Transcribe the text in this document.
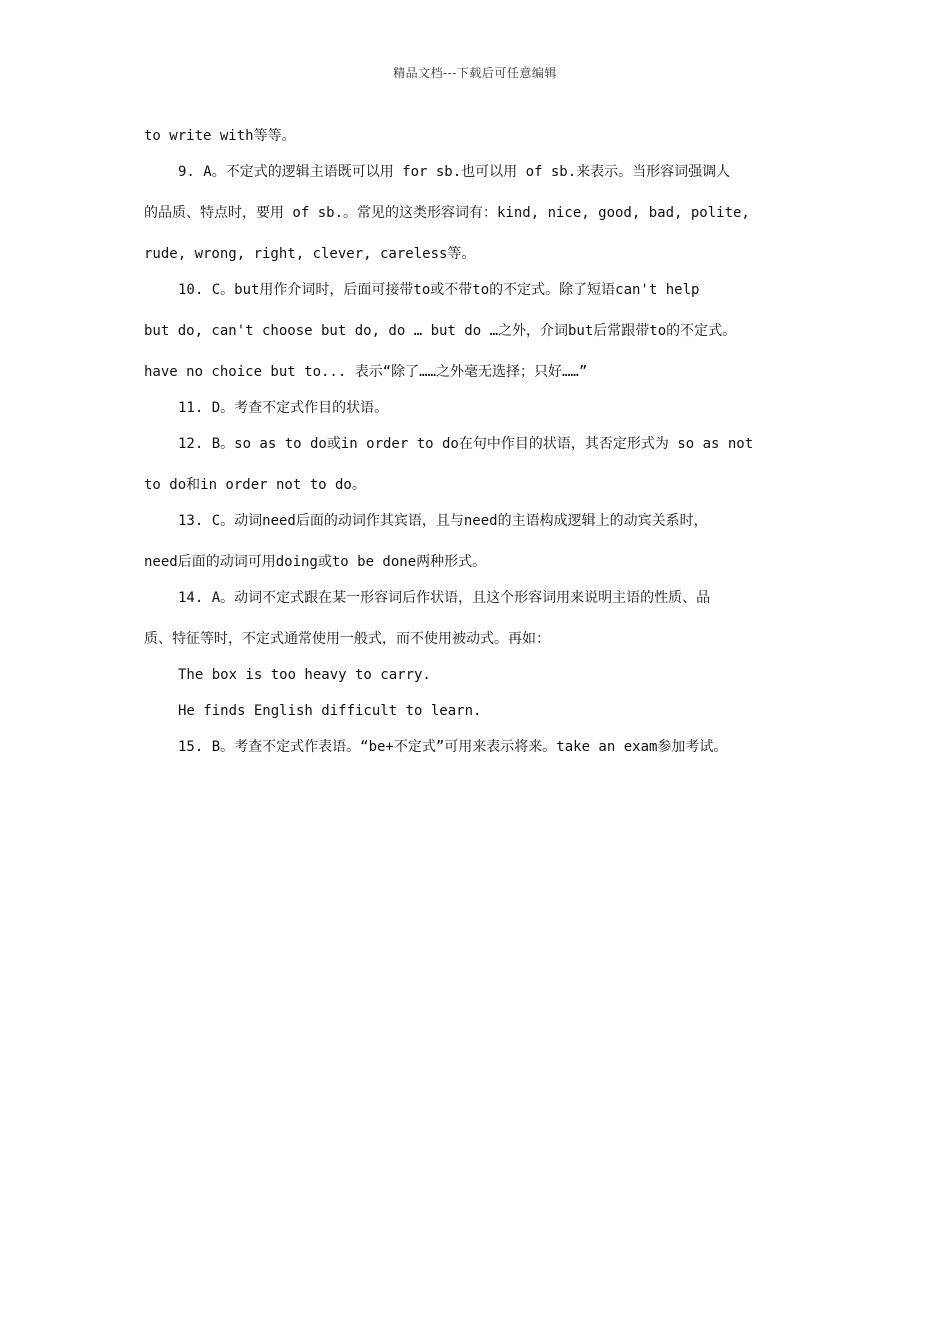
精品文档---下载后可任意编辑
to write with等等。
9. A。不定式的逻辑主语既可以用 for sb.也可以用 of sb.来表示。当形容词强调人
的品质、特点时，要用 of sb.。常见的这类形容词有：kind, nice, good, bad, polite,
rude, wrong, right, clever, careless等。
10. C。but用作介词时，后面可接带to或不带to的不定式。除了短语can't help
but do, can't choose but do, do … but do …之外，介词but后常跟带to的不定式。
have no choice but to... 表示“除了……之外毫无选择；只好……”
11. D。考查不定式作目的状语。
12. B。so as to do或in order to do在句中作目的状语，其否定形式为 so as not
to do和in order not to do。
13. C。动词need后面的动词作其宾语，且与need的主语构成逻辑上的动宾关系时，
need后面的动词可用doing或to be done两种形式。
14. A。动词不定式跟在某一形容词后作状语，且这个形容词用来说明主语的性质、品
质、特征等时，不定式通常使用一般式，而不使用被动式。再如：
The box is too heavy to carry.
He finds English difficult to learn.
15. B。考查不定式作表语。“be+不定式”可用来表示将来。take an exam参加考试。
